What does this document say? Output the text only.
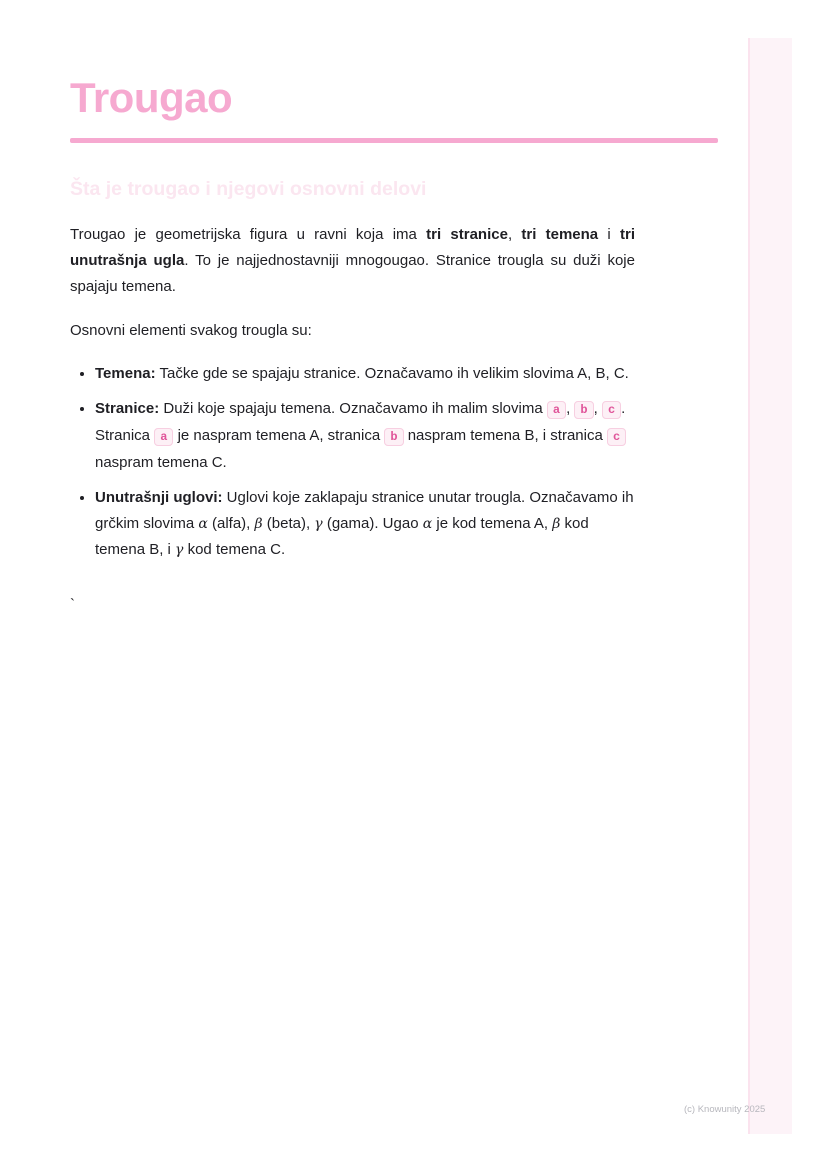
Trougao
Šta je trougao i njegovi osnovni delovi

Trougao je geometrijska figura u ravni koja ima tri stranice, tri temena i tri unutrašnja ugla. To je najjednostavniji mnogougao. Stranice trougla su duži koje spajaju temena.

Osnovni elementi svakog trougla su:

• Temena: Tačke gde se spajaju stranice. Označavamo ih velikim slovima A, B, C.
• Stranice: Duži koje spajaju temena. Označavamo ih malim slovima a , b , c . Stranica a je naspram temena A, stranica b naspram temena B, i stranica c naspram temena C.
• Unutrašnji uglovi: Uglovi koje zaklapaju stranice unutar trougla. Označavamo ih grčkim slovima α (alfa), β (beta), γ (gama). Ugao α je kod temena A, β kod temena B, i γ kod temena C.
`
(c) Knowunity 2025
